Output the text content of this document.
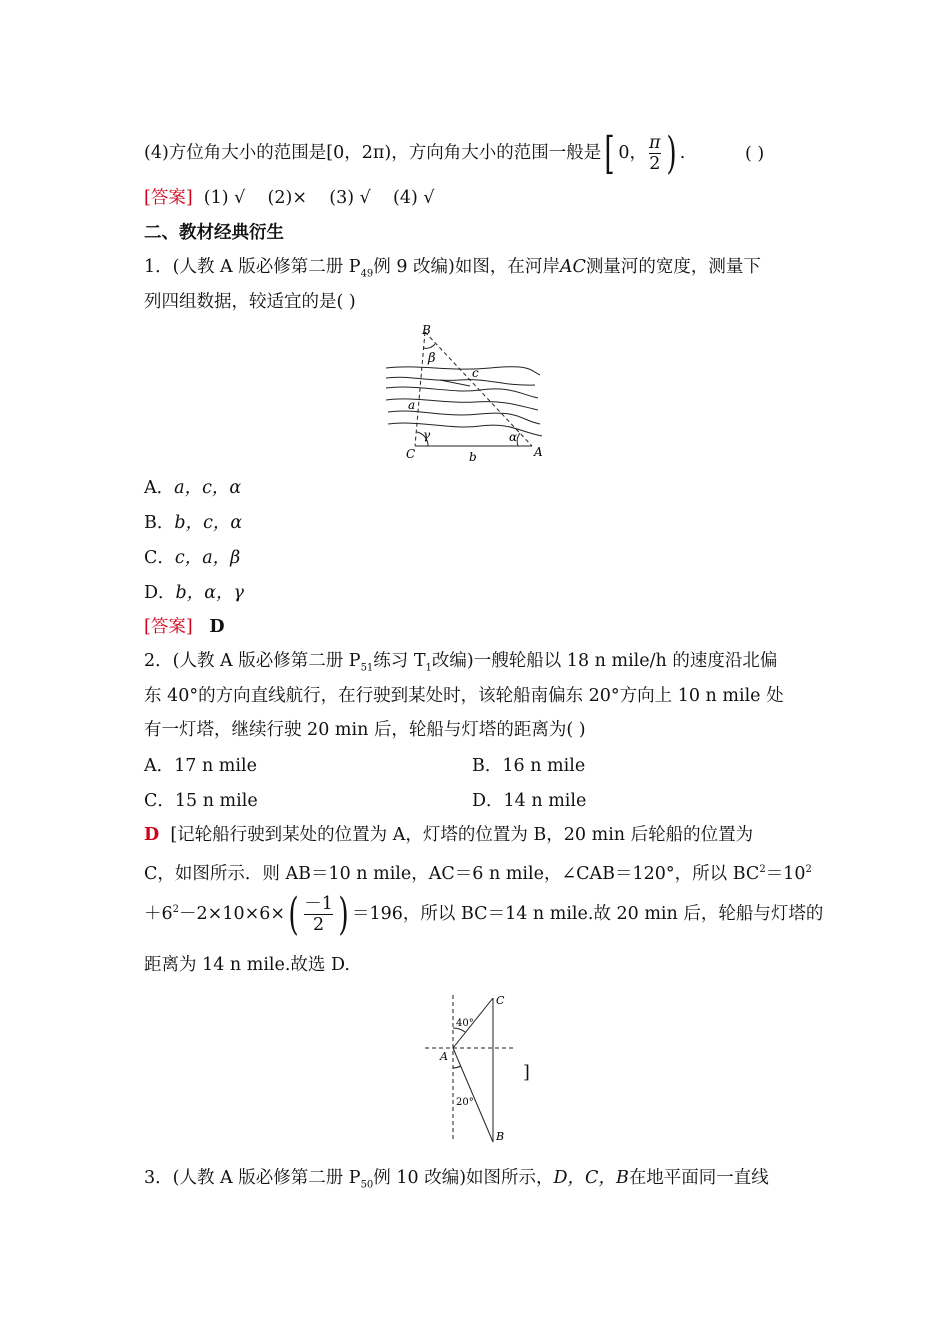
(4)方位角大小的范围是[0，2π)，方向角大小的范围一般是[ 0， $\frac{\pi}{2}$ ) .	( )
[答案] (1) √    (2)×    (3) √    (4) √
二、教材经典衍生
1．(人教 A 版必修第二册 $P_{49}$例 9 改编)如图，在河岸AC测量河的宽度，测量下
列四组数据，较适宜的是( )
B
β
c
a
γ	α
C	b	A
A．a，c，α
B．b，c，α
C．c，a，β
D．b，α，γ
[答案] D
2．(人教 A 版必修第二册 $P_{51}$练习 $T_1$改编)一艘轮船以 18 n mile/h 的速度沿北偏
东 40°的方向直线航行，在行驶到某处时，该轮船南偏东 20°方向上 10 n mile 处
有一灯塔，继续行驶 20 min 后，轮船与灯塔的距离为( )
A．17 n mile	B．16 n mile
C．15 n mile	D．14 n mile
D [记轮船行驶到某处的位置为 A，灯塔的位置为 B，20 min 后轮船的位置为
C，如图所示．则 AB＝10 n mile，AC＝6 n mile，∠CAB＝120°，所以 $BC^2=10^2$
$+6^2-2\times 10\times 6\times( \frac{-1}{2}$ ) ＝196，所以 BC＝14 n mile.故 20 min 后，轮船与灯塔的
距离为 14 n mile.故选 D.
C
40°
A
20°
B
]
3．(人教 A 版必修第二册 $P_{50}$例 10 改编)如图所示，D，C，B在地平面同一直线
